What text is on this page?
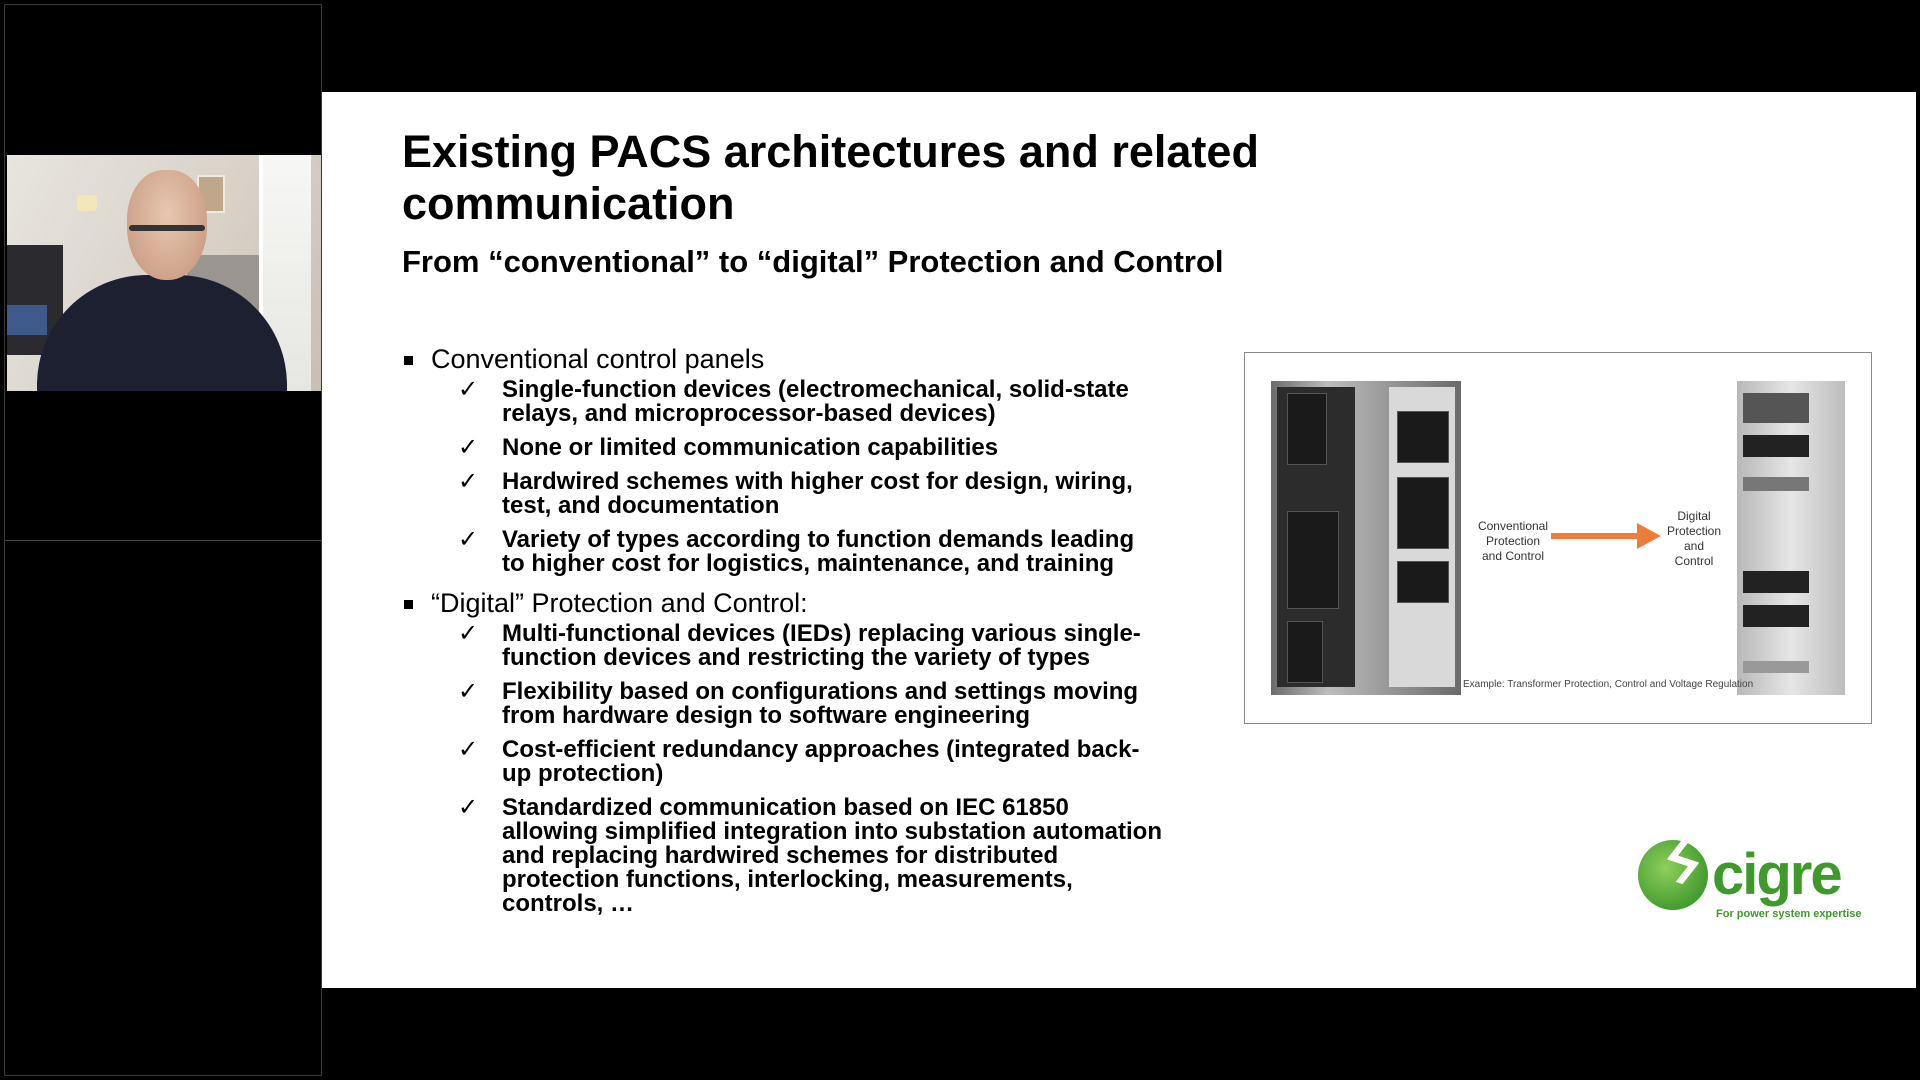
Existing PACS architectures and related communication
From “conventional” to “digital” Protection and Control
Conventional control panels
✓ Single-function devices (electromechanical, solid-state relays, and microprocessor-based devices)
✓ None or limited communication capabilities
✓ Hardwired schemes with higher cost for design, wiring, test, and documentation
✓ Variety of types according to function demands leading to higher cost for logistics, maintenance, and training
“Digital” Protection and Control:
✓ Multi-functional devices (IEDs) replacing various single-function devices and restricting the variety of types
✓ Flexibility based on configurations and settings moving from hardware design to software engineering
✓ Cost-efficient redundancy approaches (integrated back-up protection)
✓ Standardized communication based on IEC 61850 allowing simplified integration into substation automation and replacing hardwired schemes for distributed protection functions, interlocking, measurements, controls, …
Conventional
Protection
and Control
Digital
Protection
and
Control
Example: Transformer Protection, Control and Voltage Regulation
ϟ cigre
For power system expertise
